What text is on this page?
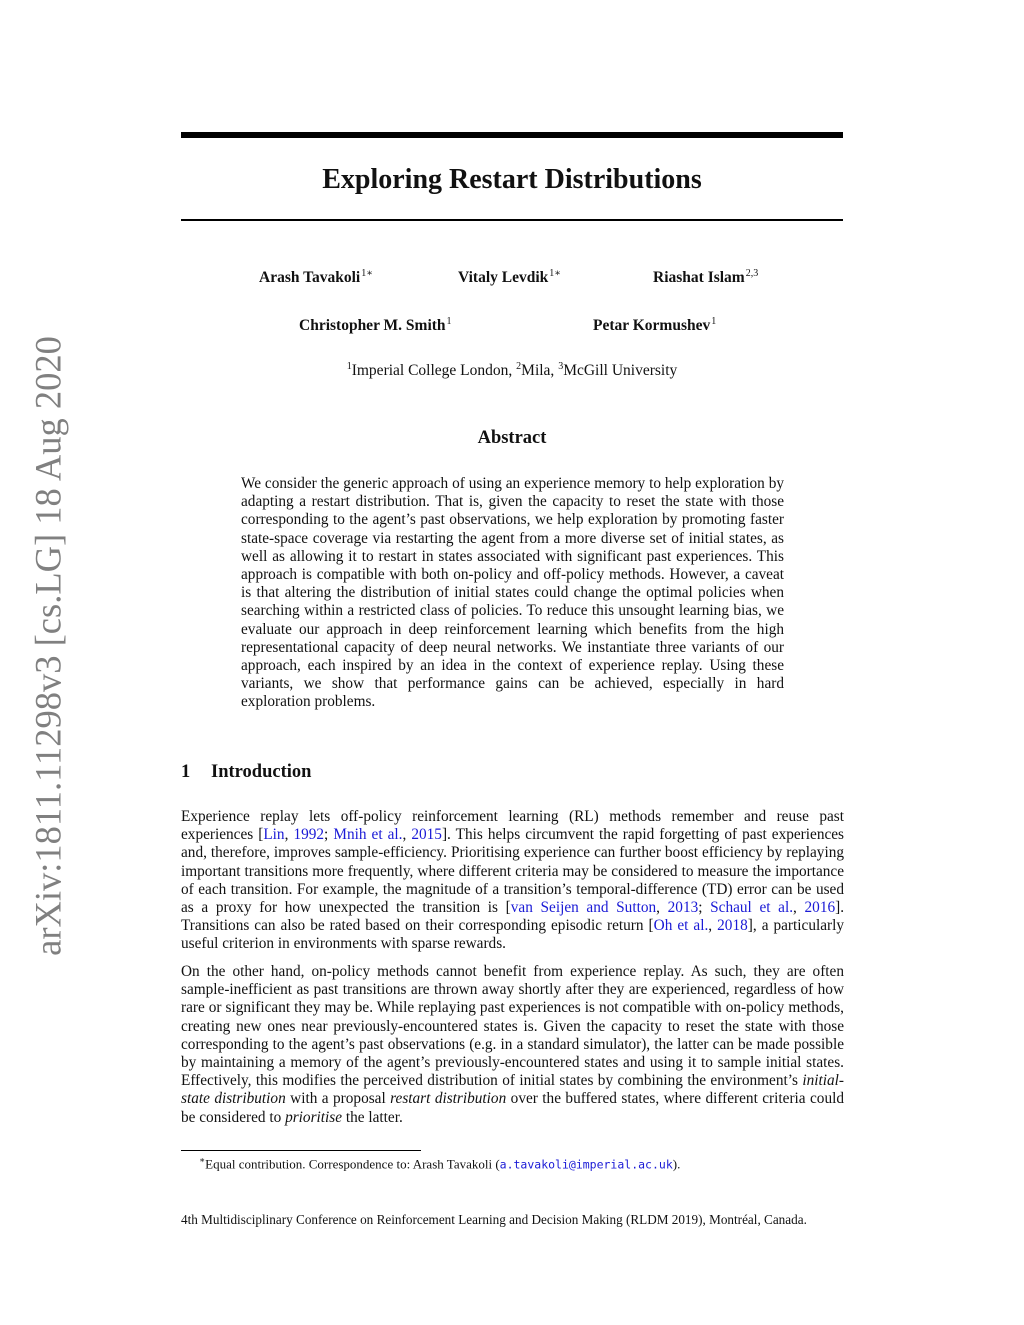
arXiv:1811.11298v3 [cs.LG] 18 Aug 2020
Exploring Restart Distributions
Arash Tavakoli$^{1∗}$	Vitaly Levdik$^{1∗}$	Riashat Islam$^{2,3}$
Christopher M. Smith$^1$	Petar Kormushev$^1$
$^1$Imperial College London, $^2$Mila, $^3$McGill University
Abstract
We consider the generic approach of using an experience memory to help exploration by adapting a restart distribution. That is, given the capacity to reset the state with those corresponding to the agent’s past observations, we help exploration by promoting faster state-space coverage via restarting the agent from a more diverse set of initial states, as well as allowing it to restart in states associated with significant past experiences. This approach is compatible with both on-policy and off-policy methods. However, a caveat is that altering the distribution of initial states could change the optimal policies when searching within a restricted class of policies. To reduce this unsought learning bias, we evaluate our approach in deep reinforcement learning which benefits from the high representational capacity of deep neural networks. We instantiate three variants of our approach, each inspired by an idea in the context of experience replay. Using these variants, we show that performance gains can be achieved, especially in hard exploration problems.
1 Introduction

Experience replay lets off-policy reinforcement learning (RL) methods remember and reuse past experiences [Lin, 1992; Mnih et al., 2015]. This helps circumvent the rapid forgetting of past experiences and, therefore, improves sample-efficiency. Prioritising experience can further boost efficiency by replaying important transitions more frequently, where different criteria may be considered to measure the importance of each transition. For example, the magnitude of a transition’s temporal-difference (TD) error can be used as a proxy for how unexpected the transition is [van Seijen and Sutton, 2013; Schaul et al., 2016]. Transitions can also be rated based on their corresponding episodic return [Oh et al., 2018], a particularly useful criterion in environments with sparse rewards.

On the other hand, on-policy methods cannot benefit from experience replay. As such, they are often sample-inefficient as past transitions are thrown away shortly after they are experienced, regardless of how rare or significant they may be. While replaying past experiences is not compatible with on-policy methods, creating new ones near previously-encountered states is. Given the capacity to reset the state with those corresponding to the agent’s past observations (e.g. in a standard simulator), the latter can be made possible by maintaining a memory of the agent’s previously-encountered states and using it to sample initial states. Effectively, this modifies the perceived distribution of initial states by combining the environment’s initial-state distribution with a proposal restart distribution over the buffered states, where different criteria could be considered to prioritise the latter.

∗Equal contribution. Correspondence to: Arash Tavakoli (a.tavakoli@imperial.ac.uk).
4th Multidisciplinary Conference on Reinforcement Learning and Decision Making (RLDM 2019), Montréal, Canada.
